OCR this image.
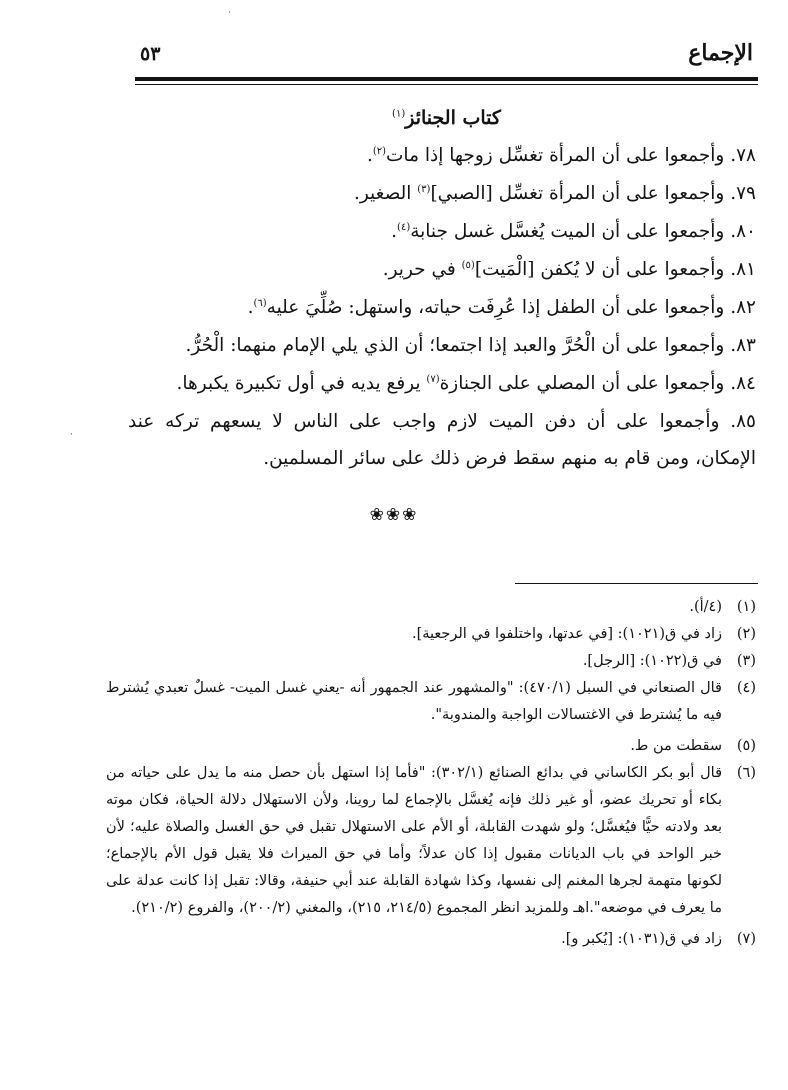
الإجماع
٥٣
كتاب الجنائز$^{(١)}$
٧٨. وأجمعوا على أن المرأة تغسِّل زوجها إذا مات$^{(٢)}$.
٧٩. وأجمعوا على أن المرأة تغسِّل [الصبي]$^{(٣)}$ الصغير.
٨٠. وأجمعوا على أن الميت يُغسَّل غسل جنابة$^{(٤)}$.
٨١. وأجمعوا على أن لا يُكفن [الْمَيت]$^{(٥)}$ في حرير.
٨٢. وأجمعوا على أن الطفل إذا عُرِفَت حياته، واستهل: صُلِّيَ عليه$^{(٦)}$.
٨٣. وأجمعوا على أن الْحُرَّ والعبد إذا اجتمعا؛ أن الذي يلي الإمام منهما: الْحُرُّ.
٨٤. وأجمعوا على أن المصلي على الجنازة$^{(٧)}$ يرفع يديه في أول تكبيرة يكبرها.
٨٥. وأجمعوا على أن دفن الميت لازم واجب على الناس لا يسعهم تركه عند الإمكان، ومن قام به منهم سقط فرض ذلك على سائر المسلمين.
❀❀❀
(١)
(٤/أ).
(٢)
زاد في ق(١٠٢١): [في عدتها، واختلفوا في الرجعية].
(٣)
في ق(١٠٢٢): [الرجل].
(٤)
قال الصنعاني في السبل (٤٧٠/١): "والمشهور عند الجمهور أنه -يعني غسل الميت- غسلٌ تعبدي يُشترط فيه ما يُشترط في الاغتسالات الواجبة والمندوبة".
(٥)
سقطت من ط.
(٦)
قال أبو بكر الكاساني في بدائع الصنائع (٣٠٢/١): "فأما إذا استهل بأن حصل منه ما يدل على حياته من بكاء أو تحريك عضو، أو غير ذلك فإنه يُغسَّل بالإجماع لما روينا، ولأن الاستهلال دلالة الحياة، فكان موته بعد ولادته حيًّا فيُغسَّل؛ ولو شهدت القابلة، أو الأم على الاستهلال تقبل في حق الغسل والصلاة عليه؛ لأن خبر الواحد في باب الديانات مقبول إذا كان عدلاً؛ وأما في حق الميراث فلا يقبل قول الأم بالإجماع؛ لكونها متهمة لجرها المغنم إلى نفسها، وكذا شهادة القابلة عند أبي حنيفة، وقالا: تقبل إذا كانت عدلة على ما يعرف في موضعه".اهـ وللمزيد انظر المجموع (٢١٤/٥، ٢١٥)، والمغني (٢٠٠/٢)، والفروع (٢١٠/٢).
(٧)
زاد في ق(١٠٣١): [يُكبر و].
·
·
